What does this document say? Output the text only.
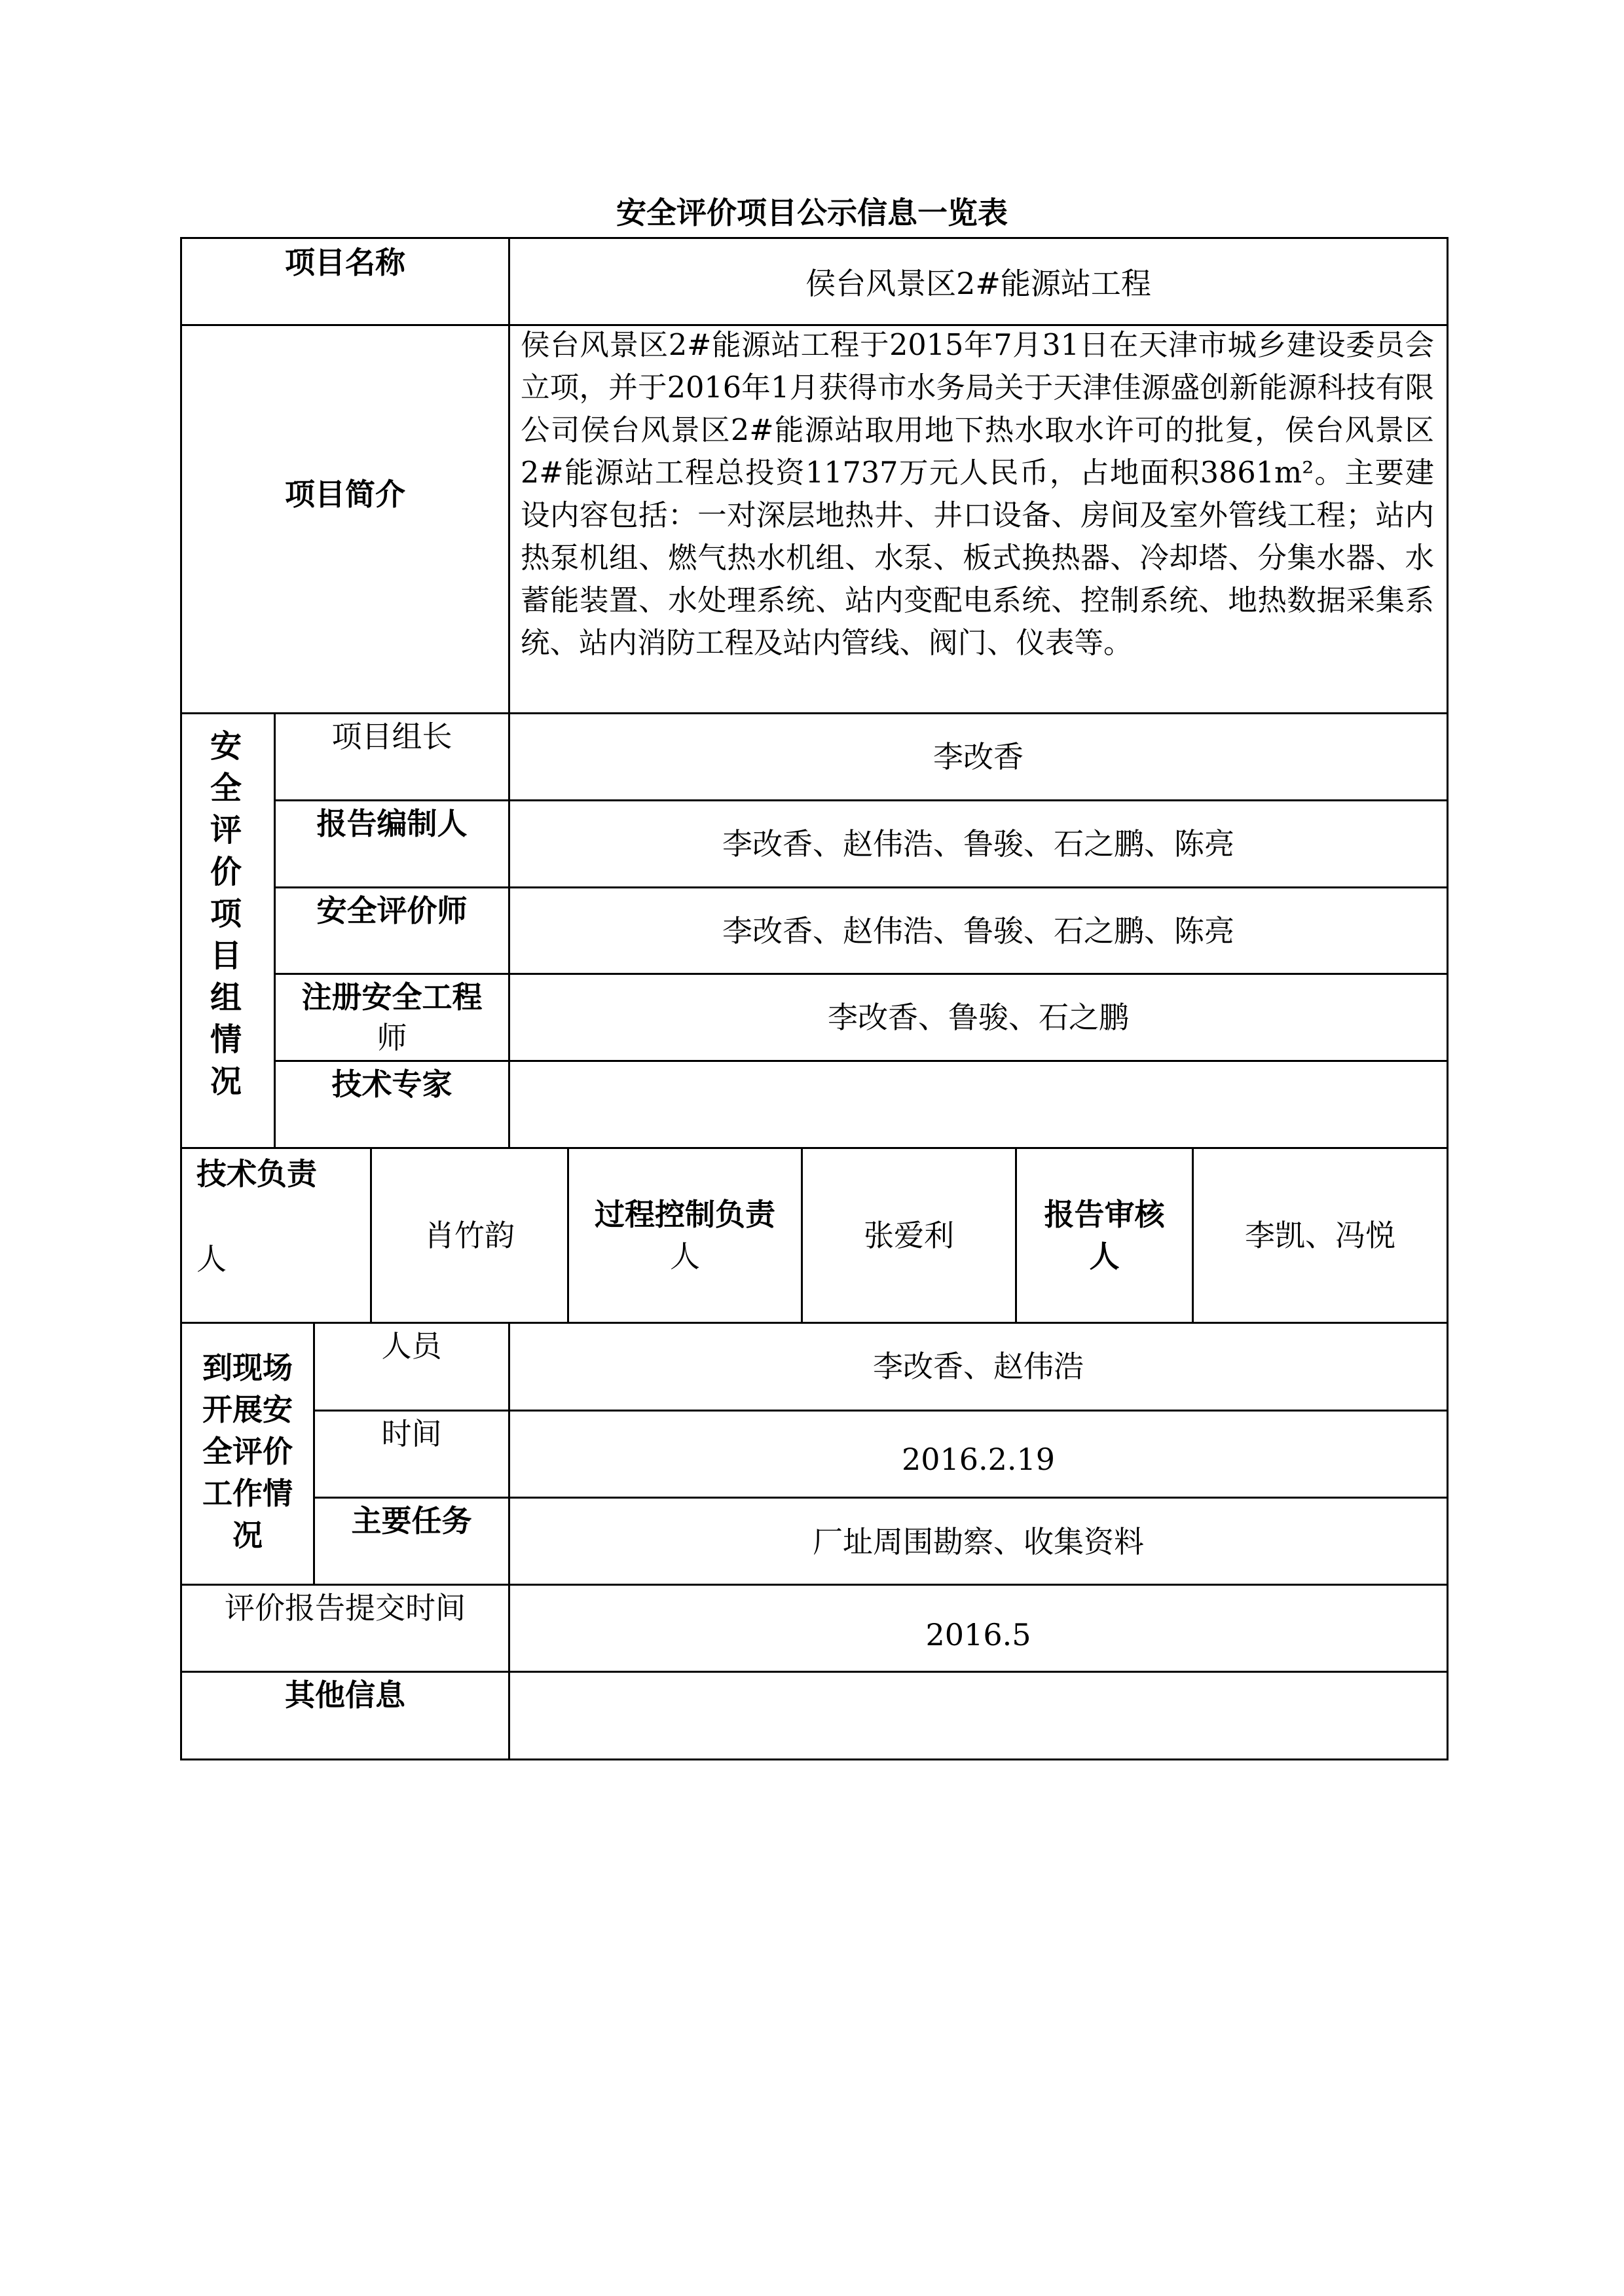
安全评价项目公示信息一览表
项目名称
侯台风景区2#能源站工程
项目简介
侯台风景区2#能源站工程于2015年7月31日在天津市城乡建设委员会立项，并于2016年1月获得市水务局关于天津佳源盛创新能源科技有限公司侯台风景区2#能源站取用地下热水取水许可的批复，侯台风景区2#能源站工程总投资11737万元人民币，占地面积3861m²。主要建设内容包括：一对深层地热井、井口设备、房间及室外管线工程；站内热泵机组、燃气热水机组、水泵、板式换热器、冷却塔、分集水器、水蓄能装置、水处理系统、站内变配电系统、控制系统、地热数据采集系统、站内消防工程及站内管线、阀门、仪表等。
安
全
评
价
项
目
组
情
况
项目组长
李改香
报告编制人
李改香、赵伟浩、鲁骏、石之鹏、陈亮
安全评价师
李改香、赵伟浩、鲁骏、石之鹏、陈亮
注册安全工程
师
李改香、鲁骏、石之鹏
技术专家
技术负责
人
肖竹韵
过程控制负责
人
张爱利
报告审核
人
李凯、冯悦
到现场
开展安
全评价
工作情
况
人员
李改香、赵伟浩
时间
2016.2.19
主要任务
厂址周围勘察、收集资料
评价报告提交时间
2016.5
其他信息
